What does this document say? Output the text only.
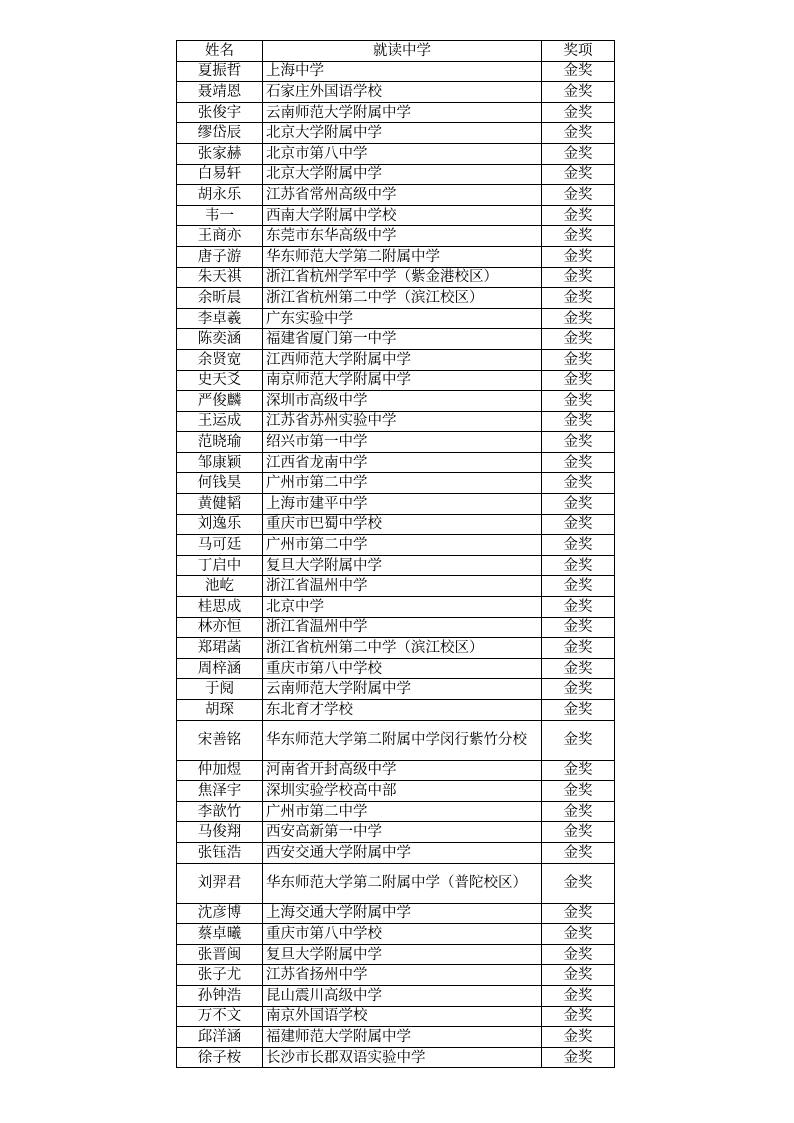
姓名	就读中学	奖项
夏振哲	上海中学	金奖
聂靖恩	石家庄外国语学校	金奖
张俊宇	云南师范大学附属中学	金奖
缪岱辰	北京大学附属中学	金奖
张家赫	北京市第八中学	金奖
白易轩	北京大学附属中学	金奖
胡永乐	江苏省常州高级中学	金奖
韦一	西南大学附属中学校	金奖
王商亦	东莞市东华高级中学	金奖
唐子游	华东师范大学第二附属中学	金奖
朱天祺	浙江省杭州学军中学（紫金港校区）	金奖
余昕晨	浙江省杭州第二中学（滨江校区）	金奖
李卓羲	广东实验中学	金奖
陈奕涵	福建省厦门第一中学	金奖
余贤宽	江西师范大学附属中学	金奖
史天爻	南京师范大学附属中学	金奖
严俊麟	深圳市高级中学	金奖
王运成	江苏省苏州实验中学	金奖
范晓瑜	绍兴市第一中学	金奖
邹康颖	江西省龙南中学	金奖
何钱昊	广州市第二中学	金奖
黄健韬	上海市建平中学	金奖
刘逸乐	重庆市巴蜀中学校	金奖
马可廷	广州市第二中学	金奖
丁启中	复旦大学附属中学	金奖
池屹	浙江省温州中学	金奖
桂思成	北京中学	金奖
林亦恒	浙江省温州中学	金奖
郑珺菡	浙江省杭州第二中学（滨江校区）	金奖
周梓涵	重庆市第八中学校	金奖
于阋	云南师范大学附属中学	金奖
胡琛	东北育才学校	金奖
宋善铭	华东师范大学第二附属中学闵行紫竹分校	金奖
仲加煜	河南省开封高级中学	金奖
焦泽宇	深圳实验学校高中部	金奖
李歆竹	广州市第二中学	金奖
马俊翔	西安高新第一中学	金奖
张钰浩	西安交通大学附属中学	金奖
刘羿君	华东师范大学第二附属中学（普陀校区）	金奖
沈彦博	上海交通大学附属中学	金奖
蔡卓曦	重庆市第八中学校	金奖
张晋闽	复旦大学附属中学	金奖
张子尤	江苏省扬州中学	金奖
孙钟浩	昆山震川高级中学	金奖
万不文	南京外国语学校	金奖
邱洋涵	福建师范大学附属中学	金奖
徐子桉	长沙市长郡双语实验中学	金奖
